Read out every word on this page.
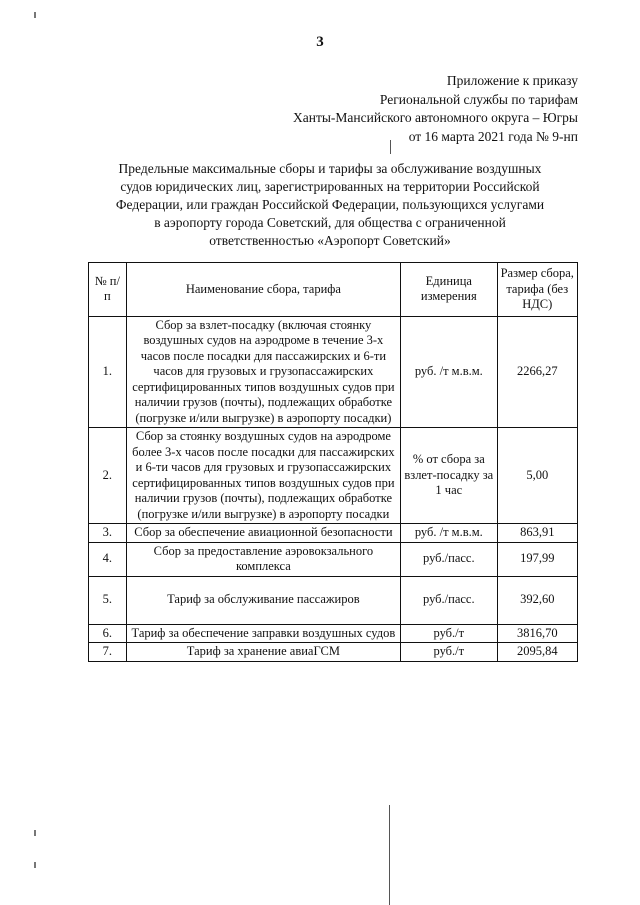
3
Приложение к приказу
Региональной службы по тарифам
Ханты-Мансийского автономного округа – Югры
от 16 марта 2021 года № 9-нп
Предельные максимальные сборы и тарифы за обслуживание воздушных
судов юридических лиц, зарегистрированных на территории Российской
Федерации, или граждан Российской Федерации, пользующихся услугами
в аэропорту города Советский, для общества с ограниченной
ответственностью «Аэропорт Советский»
№ п/п	Наименование сбора, тарифа	Единица измерения	Размер сбора, тарифа (без НДС)
1.	Сбор за взлет-посадку (включая стоянку воздушных судов на аэродроме в течение 3-х часов после посадки для пассажирских и 6-ти часов для грузовых и грузопассажирских сертифицированных типов воздушных судов при наличии грузов (почты), подлежащих обработке (погрузке и/или выгрузке) в аэропорту посадки)	руб. /т м.в.м.	2266,27
2.	Сбор за стоянку воздушных судов на аэродроме более 3-х часов после посадки для пассажирских и 6-ти часов для грузовых и грузопассажирских сертифицированных типов воздушных судов при наличии грузов (почты), подлежащих обработке (погрузке и/или выгрузке) в аэропорту посадки	% от сбора за взлет-посадку за 1 час	5,00
3.	Сбор за обеспечение авиационной безопасности	руб. /т м.в.м.	863,91
4.	Сбор за предоставление аэровокзального комплекса	руб./пасс.	197,99
5.	Тариф за обслуживание пассажиров	руб./пасс.	392,60
6.	Тариф за обеспечение заправки воздушных судов	руб./т	3816,70
7.	Тариф за хранение авиаГСМ	руб./т	2095,84
